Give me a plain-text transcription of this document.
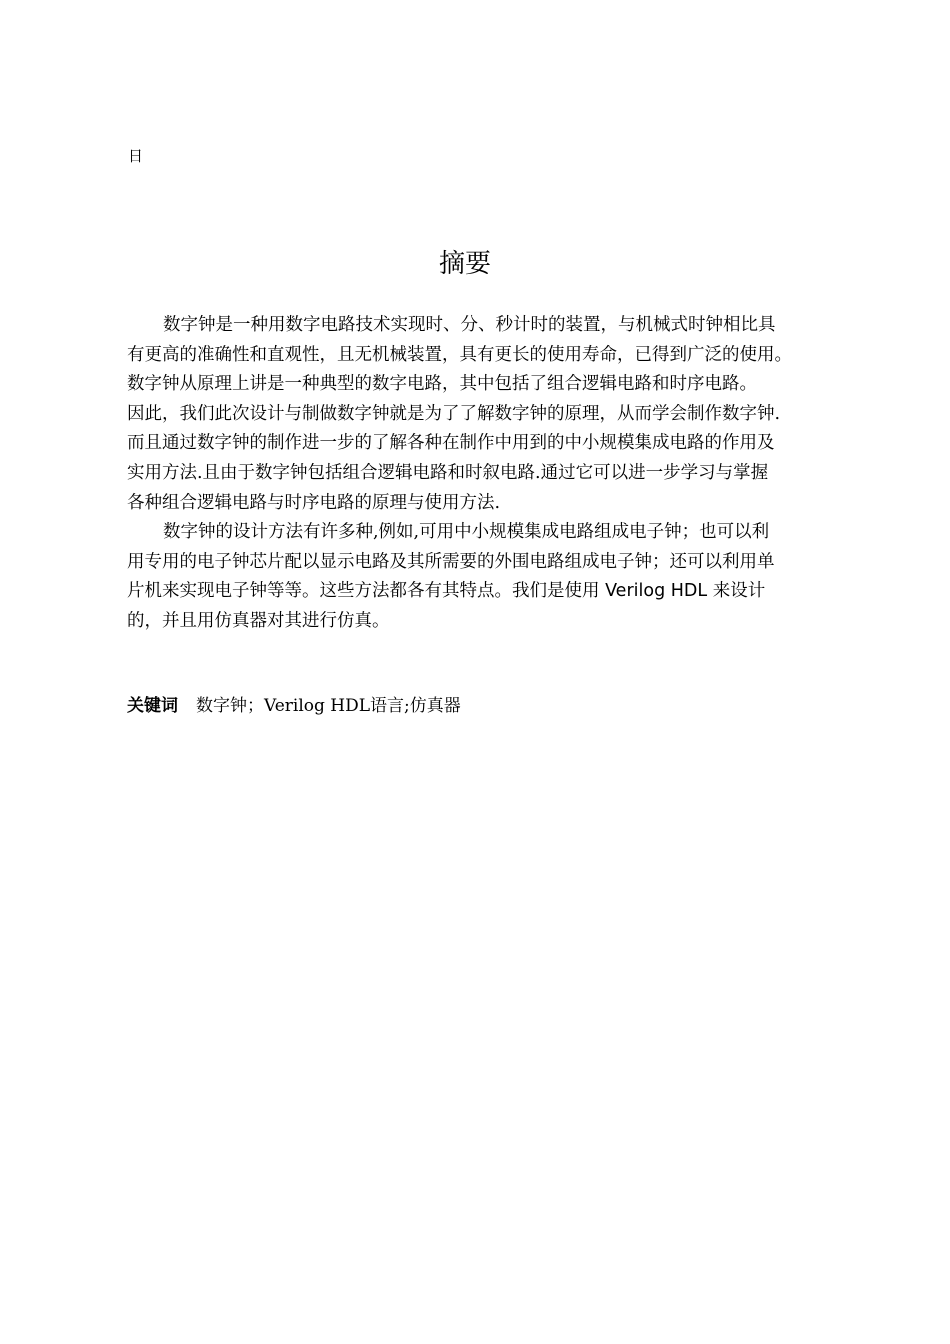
日
摘要
数字钟是一种用数字电路技术实现时、分、秒计时的装置，与机械式时钟相比具
有更高的准确性和直观性，且无机械装置，具有更长的使用寿命，已得到广泛的使用。
数字钟从原理上讲是一种典型的数字电路，其中包括了组合逻辑电路和时序电路。
因此，我们此次设计与制做数字钟就是为了了解数字钟的原理，从而学会制作数字钟.
而且通过数字钟的制作进一步的了解各种在制作中用到的中小规模集成电路的作用及
实用方法.且由于数字钟包括组合逻辑电路和时叙电路.通过它可以进一步学习与掌握
各种组合逻辑电路与时序电路的原理与使用方法.
数字钟的设计方法有许多种,例如,可用中小规模集成电路组成电子钟；也可以利
用专用的电子钟芯片配以显示电路及其所需要的外围电路组成电子钟；还可以利用单
片机来实现电子钟等等。这些方法都各有其特点。我们是使用 Verilog HDL 来设计
的，并且用仿真器对其进行仿真。
关键词 数字钟；Verilog HDL语言;仿真器
